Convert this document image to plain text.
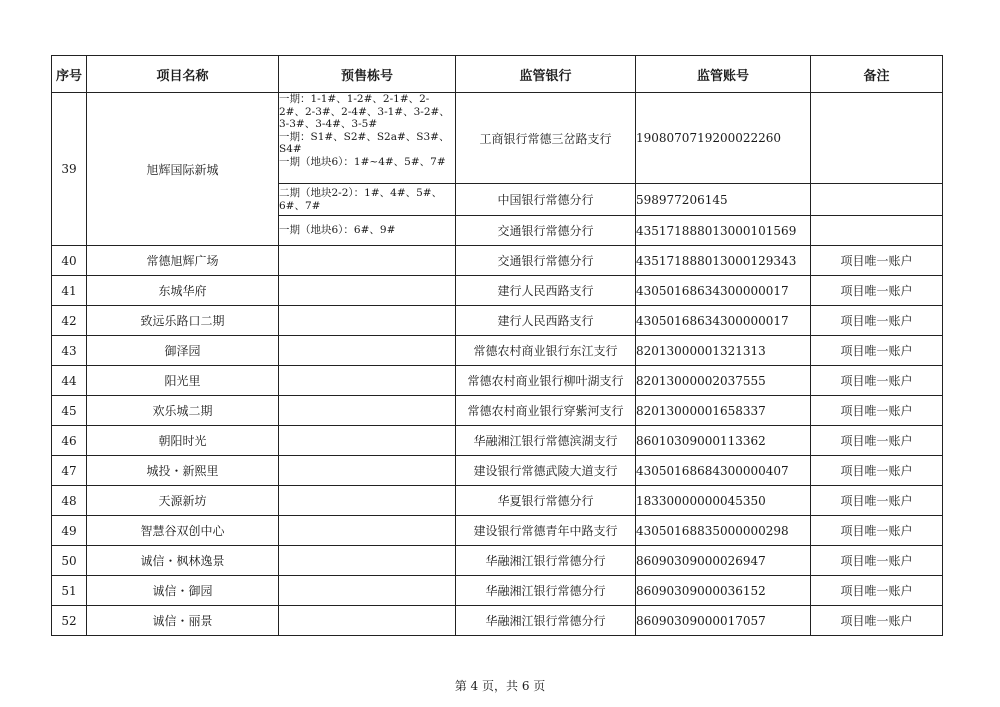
序号	项目名称	预售栋号	监管银行	监管账号	备注
39	旭辉国际新城	一期：1-1#、1-2#、2-1#、2-2#、2-3#、2-4#、3-1#、3-2#、3-3#、3-4#、3-5#
一期：S1#、S2#、S2a#、S3#、S4#
一期（地块6）：1#~4#、5#、7#	工商银行常德三岔路支行	1908070719200022260	
		二期（地块2-2）：1#、4#、5#、6#、7#	中国银行常德分行	598977206145	
		一期（地块6）：6#、9#	交通银行常德分行	435171888013000101569	
40	常德旭辉广场		交通银行常德分行	435171888013000129343	项目唯一账户
41	东城华府		建行人民西路支行	43050168634300000017	项目唯一账户
42	致远乐路口二期		建行人民西路支行	43050168634300000017	项目唯一账户
43	御泽园		常德农村商业银行东江支行	82013000001321313	项目唯一账户
44	阳光里		常德农村商业银行柳叶湖支行	82013000002037555	项目唯一账户
45	欢乐城二期		常德农村商业银行穿紫河支行	82013000001658337	项目唯一账户
46	朝阳时光		华融湘江银行常德滨湖支行	86010309000113362	项目唯一账户
47	城投・新熙里		建设银行常德武陵大道支行	43050168684300000407	项目唯一账户
48	天源新坊		华夏银行常德分行	18330000000045350	项目唯一账户
49	智慧谷双创中心		建设银行常德青年中路支行	43050168835000000298	项目唯一账户
50	诚信・枫林逸景		华融湘江银行常德分行	86090309000026947	项目唯一账户
51	诚信・御园		华融湘江银行常德分行	86090309000036152	项目唯一账户
52	诚信・丽景		华融湘江银行常德分行	86090309000017057	项目唯一账户
第 4 页，共 6 页
